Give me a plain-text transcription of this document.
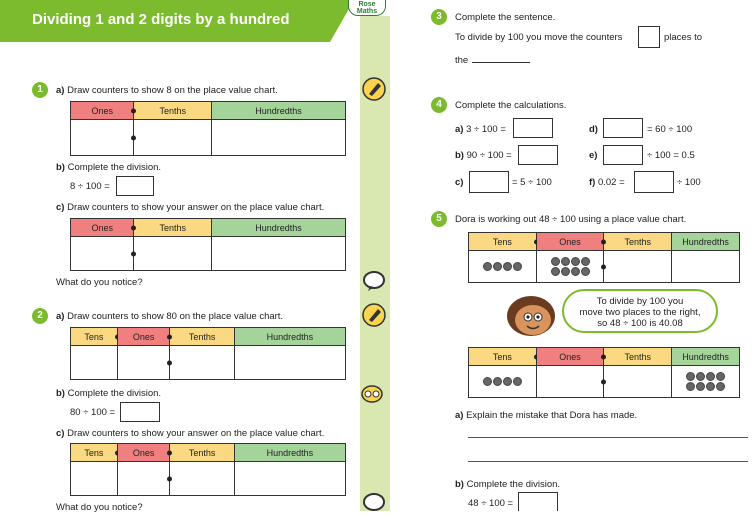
Dividing 1 and 2 digits by a hundred
Rose
Maths
1	a) Draw counters to show 8 on the place value chart.
Ones	Tenths	Hundredths

b) Complete the division.
8 ÷ 100 =
c) Draw counters to show your answer on the place value chart.
Ones	Tenths	Hundredths

What do you notice?
2	a) Draw counters to show 80 on the place value chart.
Tens	Ones	Tenths	Hundredths

b) Complete the division.
80 ÷ 100 =
c) Draw counters to show your answer on the place value chart.
Tens	Ones	Tenths	Hundredths

What do you notice?
3	Complete the sentence.
To divide by 100 you move the counters	places to
the
4	Complete the calculations.
a) 3 ÷ 100 =	d)	= 60 ÷ 100
b) 90 ÷ 100 =	e)	÷ 100 = 0.5
c)	= 5 ÷ 100	f) 0.02 =	÷ 100
5	Dora is working out 48 ÷ 100 using a place value chart.
Tens	Ones	Tenths	Hundredths

To divide by 100 you
move two places to the right,
so 48 ÷ 100 is 40.08
Tens	Ones	Tenths	Hundredths

a) Explain the mistake that Dora has made.
b) Complete the division.
48 ÷ 100 =
